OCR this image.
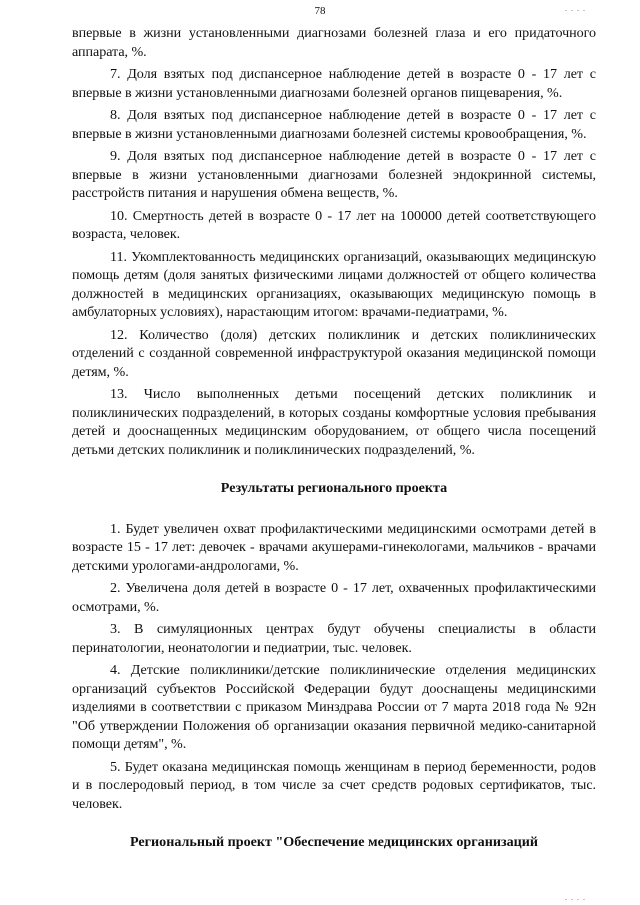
78	. . . .
. . . .

впервые в жизни установленными диагнозами болезней глаза и его придаточного аппарата, %.

7. Доля взятых под диспансерное наблюдение детей в возрасте 0 - 17 лет с впервые в жизни установленными диагнозами болезней органов пищеварения, %.

8. Доля взятых под диспансерное наблюдение детей в возрасте 0 - 17 лет с впервые в жизни установленными диагнозами болезней системы кровообращения, %.

9. Доля взятых под диспансерное наблюдение детей в возрасте 0 - 17 лет с впервые в жизни установленными диагнозами болезней эндокринной системы, расстройств питания и нарушения обмена веществ, %.

10. Смертность детей в возрасте 0 - 17 лет на 100000 детей соответствующего возраста, человек.

11. Укомплектованность медицинских организаций, оказывающих медицинскую помощь детям (доля занятых физическими лицами должностей от общего количества должностей в медицинских организациях, оказывающих медицинскую помощь в амбулаторных условиях), нарастающим итогом: врачами-педиатрами, %.

12. Количество (доля) детских поликлиник и детских поликлинических отделений с созданной современной инфраструктурой оказания медицинской помощи детям, %.

13. Число выполненных детьми посещений детских поликлиник и поликлинических подразделений, в которых созданы комфортные условия пребывания детей и дооснащенных медицинским оборудованием, от общего числа посещений детьми детских поликлиник и поликлинических подразделений, %.

Результаты регионального проекта

1. Будет увеличен охват профилактическими медицинскими осмотрами детей в возрасте 15 - 17 лет: девочек - врачами акушерами-гинекологами, мальчиков - врачами детскими урологами-андрологами, %.

2. Увеличена доля детей в возрасте 0 - 17 лет, охваченных профилактическими осмотрами, %.

3. В симуляционных центрах будут обучены специалисты в области перинатологии, неонатологии и педиатрии, тыс. человек.

4. Детские поликлиники/детские поликлинические отделения медицинских организаций субъектов Российской Федерации будут дооснащены медицинскими изделиями в соответствии с приказом Минздрава России от 7 марта 2018 года № 92н "Об утверждении Положения об организации оказания первичной медико-санитарной помощи детям", %.

5. Будет оказана медицинская помощь женщинам в период беременности, родов и в послеродовый период, в том числе за счет средств родовых сертификатов, тыс. человек.

Региональный проект "Обеспечение медицинских организаций
